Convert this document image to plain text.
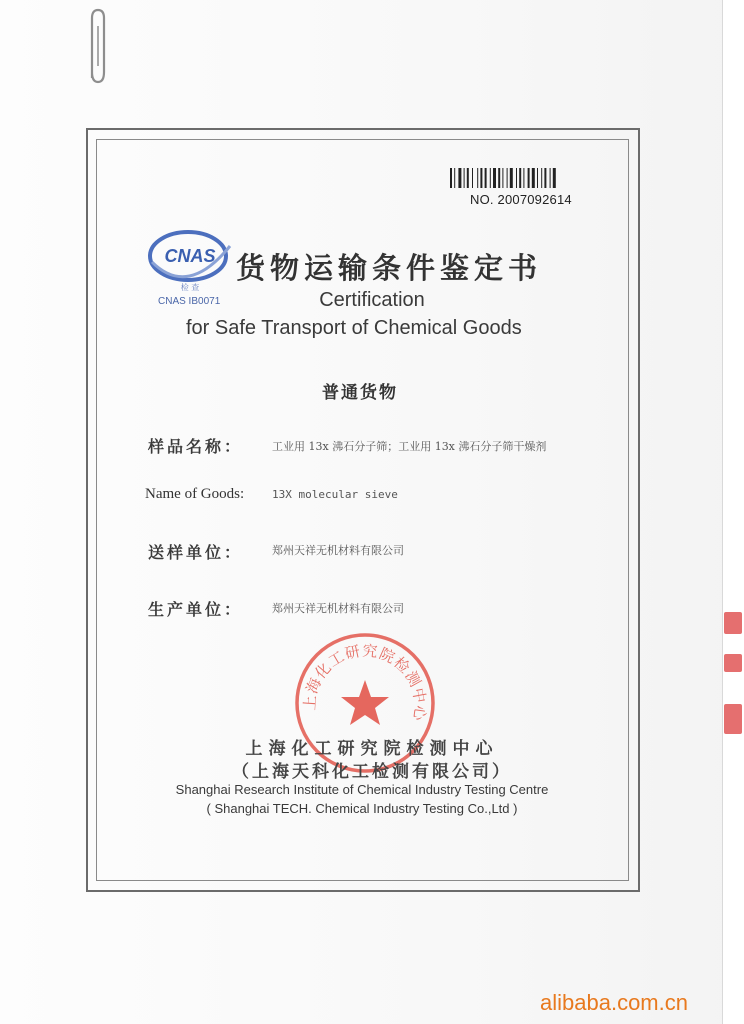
NO. 2007092614
CNAS
检 查
CNAS IB0071
货物运输条件鉴定书
Certification
for Safe Transport of Chemical Goods
普通货物
样品名称：	工业用 13x 沸石分子筛；工业用 13x 沸石分子筛干燥剂
Name of Goods:	13X molecular sieve
送样单位：	郑州天祥无机材料有限公司
生产单位：	郑州天祥无机材料有限公司
上海化工研究院检测中心
上海化工研究院检测中心
（上海天科化工检测有限公司）
Shanghai Research Institute of Chemical Industry Testing Centre
( Shanghai TECH. Chemical Industry Testing Co.,Ltd )
alibaba.com.cn
